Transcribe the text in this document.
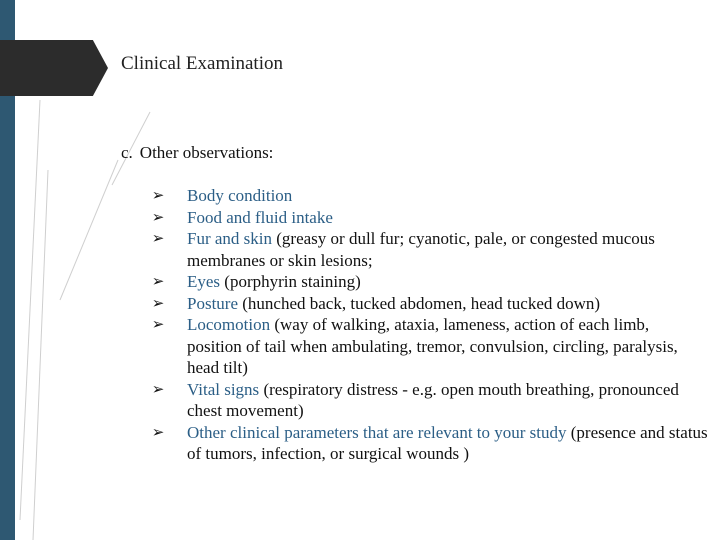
Clinical Examination
c. Other observations:
➢ Body condition
➢ Food and fluid intake
➢ Fur and skin (greasy or dull fur; cyanotic, pale, or congested mucous membranes or skin lesions;
➢ Eyes (porphyrin staining)
➢ Posture (hunched back, tucked abdomen, head tucked down)
➢ Locomotion (way of walking, ataxia, lameness, action of each limb, position of tail when ambulating, tremor, convulsion, circling, paralysis, head tilt)
➢ Vital signs (respiratory distress - e.g. open mouth breathing, pronounced chest movement)
➢ Other clinical parameters that are relevant to your study (presence and status of tumors, infection, or surgical wounds )
